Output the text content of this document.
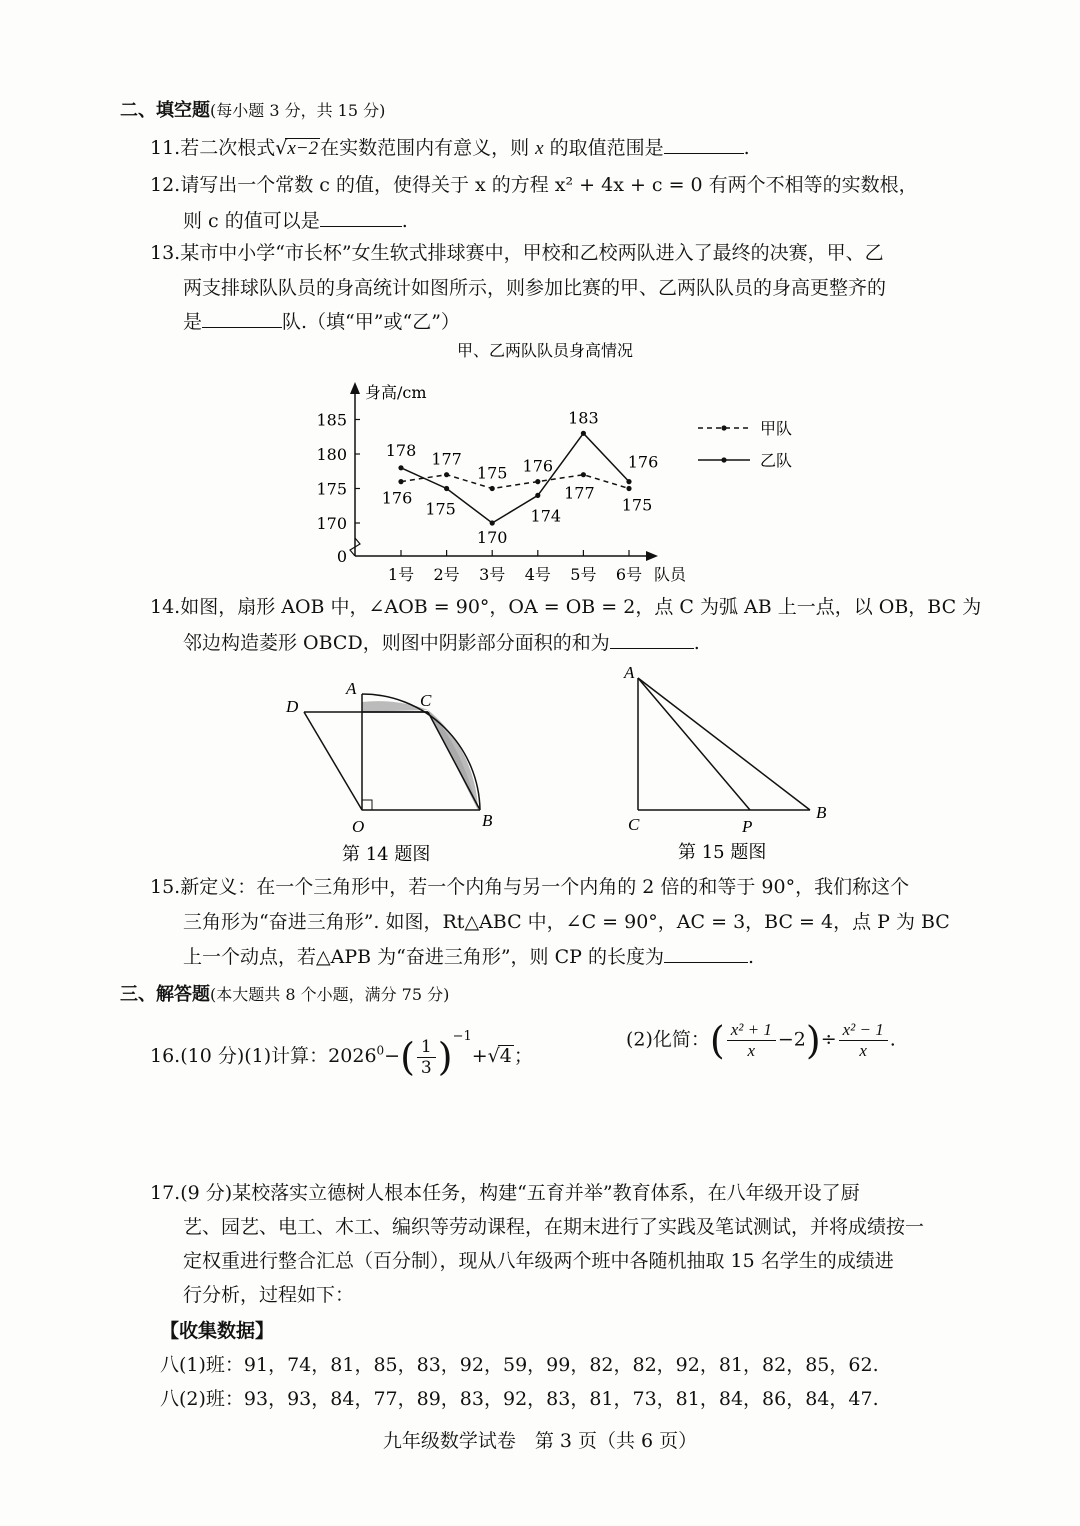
二、填空题(每小题 3 分，共 15 分)
11.若二次根式√x−2 在实数范围内有意义，则 x 的取值范围是	.
12.请写出一个常数 c 的值，使得关于 x 的方程 x² + 4x + c = 0 有两个不相等的实数根，
则 c 的值可以是	.
13.某市中小学“市长杯”女生软式排球赛中，甲校和乙校两队进入了最终的决赛，甲、乙
两支排球队队员的身高统计如图所示，则参加比赛的甲、乙两队队员的身高更整齐的
是	队.（填“甲”或“乙”）
甲、乙两队队员身高情况
身高/cm
185
180
175
170
0
1号 2号 3号 4号 5号 6号 队员
176
177
175 176
177
175
甲队
178
175
170
174
183
176	乙队
14.如图，扇形 AOB 中，∠AOB = 90°，OA = OB = 2，点 C 为弧 AB 上一点，以 OB，BC 为
邻边构造菱形 OBCD，则图中阴影部分面积的和为	.
D
A
C
O	B
第 14 题图
A
C	P
B
第 15 题图
15.新定义：在一个三角形中，若一个内角与另一个内角的 2 倍的和等于 90°，我们称这个
三角形为“奋进三角形”. 如图，Rt△ABC 中，∠C = 90°，AC = 3，BC = 4，点 P 为 BC
上一个动点，若△APB 为“奋进三角形”，则 CP 的长度为	.
三、解答题(本大题共 8 个小题，满分 75 分)
16.(10 分)(1)计算：$2026^0-( \frac{1}{3} )^{-1}+√4$ ；
(2)化简：( $\frac{\text{x² + 1}}{x} -2)\div \frac{\text{x² − 1}}{x}$ .
17.(9 分)某校落实立德树人根本任务，构建“五育并举”教育体系，在八年级开设了厨
艺、园艺、电工、木工、编织等劳动课程，在期末进行了实践及笔试测试，并将成绩按一
定权重进行整合汇总（百分制），现从八年级两个班中各随机抽取 15 名学生的成绩进
行分析，过程如下：
【收集数据】
八(1)班：91，74，81，85，83，92，59，99，82，82，92，81，82，85，62.
八(2)班：93，93，84，77，89，83，92，83，81，73，81，84，86，84，47.
九年级数学试卷　第 3 页（共 6 页）
